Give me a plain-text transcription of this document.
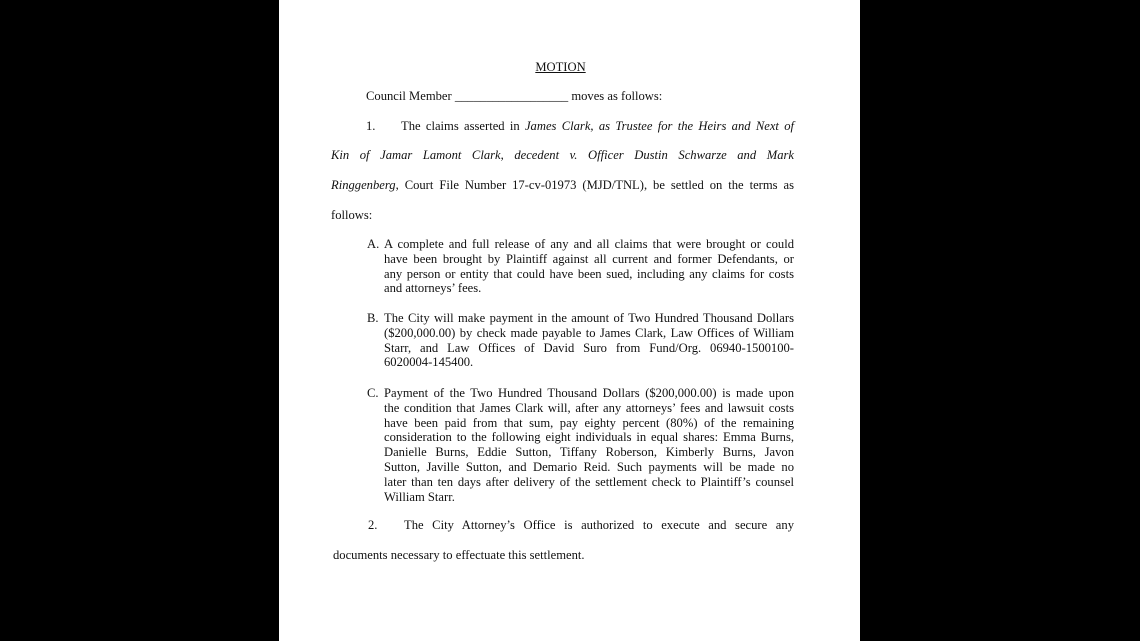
MOTION
Council Member __________________ moves as follows:
1. The claims asserted in James Clark, as Trustee for the Heirs and Next of
Kin of Jamar Lamont Clark, decedent v. Officer Dustin Schwarze and Mark
Ringgenberg, Court File Number 17-cv-01973 (MJD/TNL), be settled on the terms as
follows:
A. A complete and full release of any and all claims that were brought or could
have been brought by Plaintiff against all current and former Defendants, or
any person or entity that could have been sued, including any claims for costs
and attorneys’ fees.
B. The City will make payment in the amount of Two Hundred Thousand Dollars
($200,000.00) by check made payable to James Clark, Law Offices of William
Starr, and Law Offices of David Suro from Fund/Org. 06940-1500100-
6020004-145400.
C. Payment of the Two Hundred Thousand Dollars ($200,000.00) is made upon
the condition that James Clark will, after any attorneys’ fees and lawsuit costs
have been paid from that sum, pay eighty percent (80%) of the remaining
consideration to the following eight individuals in equal shares: Emma Burns,
Danielle Burns, Eddie Sutton, Tiffany Roberson, Kimberly Burns, Javon
Sutton, Javille Sutton, and Demario Reid. Such payments will be made no
later than ten days after delivery of the settlement check to Plaintiff’s counsel
William Starr.
2. The City Attorney’s Office is authorized to execute and secure any
documents necessary to effectuate this settlement.
